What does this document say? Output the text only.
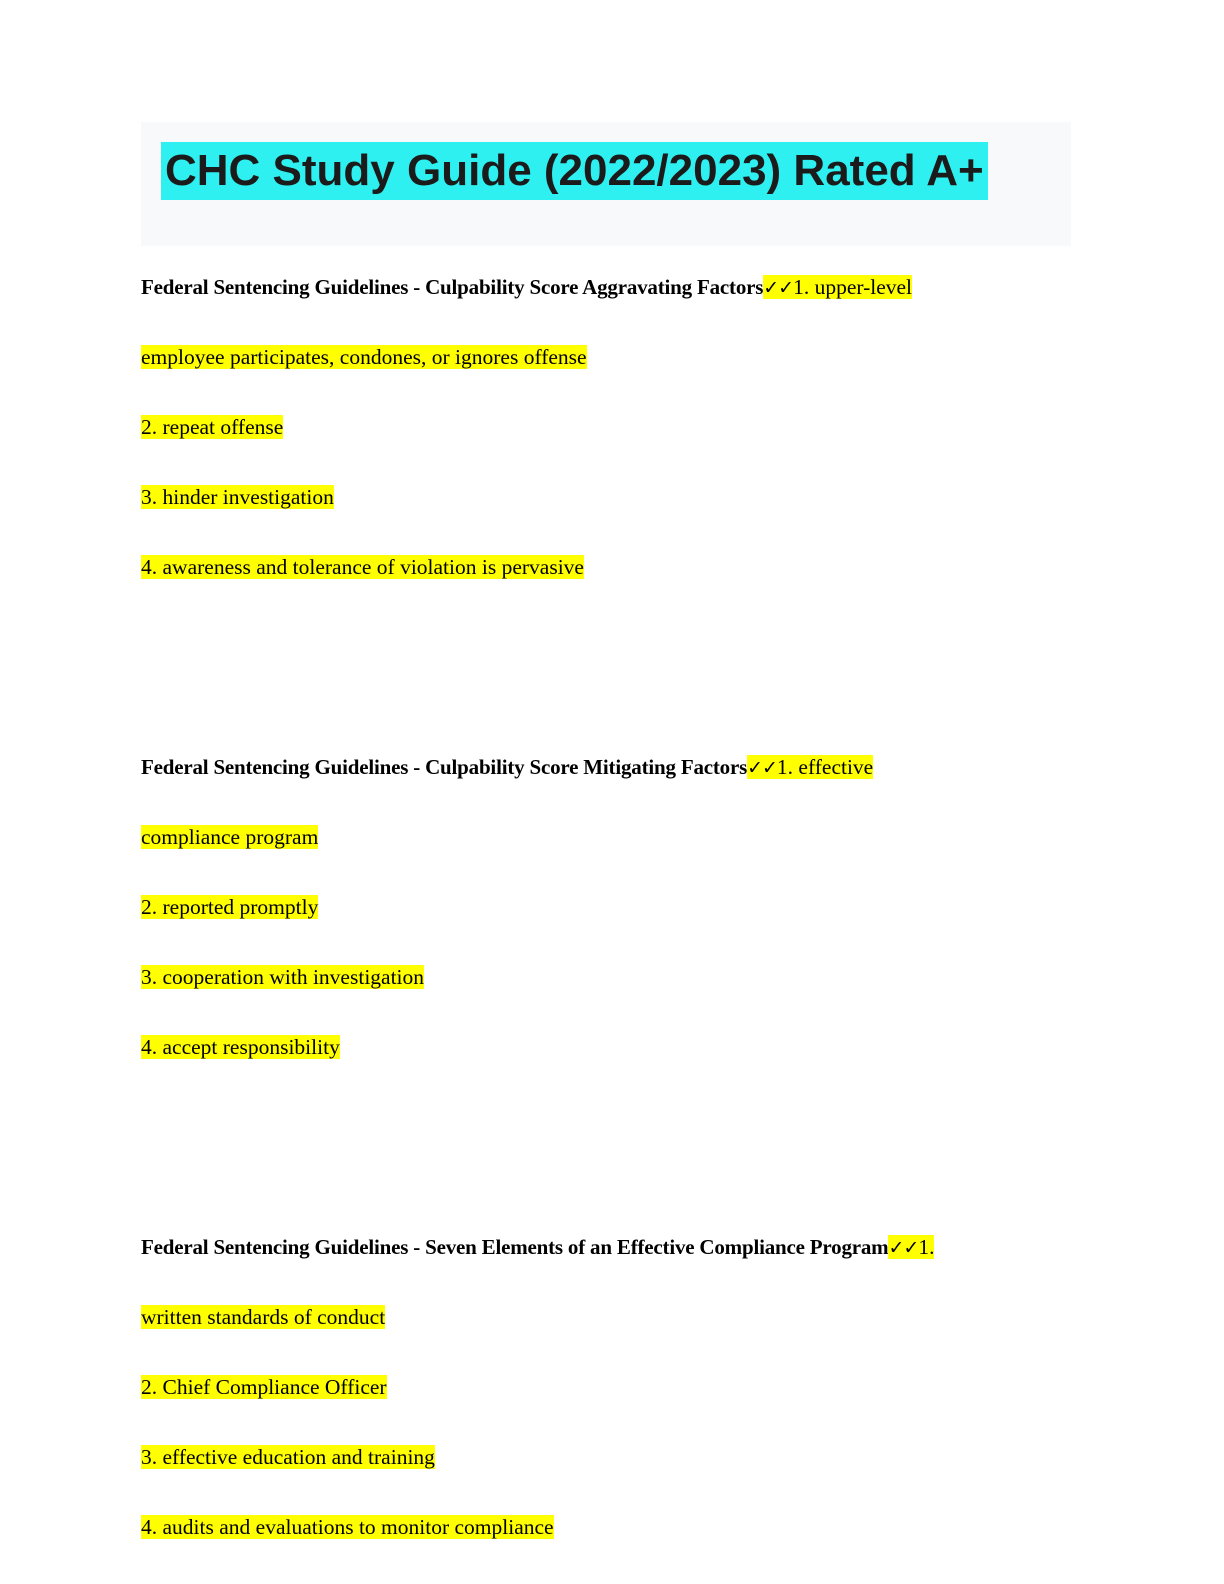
CHC Study Guide (2022/2023) Rated A+
Federal Sentencing Guidelines - Culpability Score Aggravating Factors✓✓1. upper-level
employee participates, condones, or ignores offense
2. repeat offense
3. hinder investigation
4. awareness and tolerance of violation is pervasive
Federal Sentencing Guidelines - Culpability Score Mitigating Factors✓✓1. effective
compliance program
2. reported promptly
3. cooperation with investigation
4. accept responsibility
Federal Sentencing Guidelines - Seven Elements of an Effective Compliance Program✓✓1.
written standards of conduct
2. Chief Compliance Officer
3. effective education and training
4. audits and evaluations to monitor compliance
